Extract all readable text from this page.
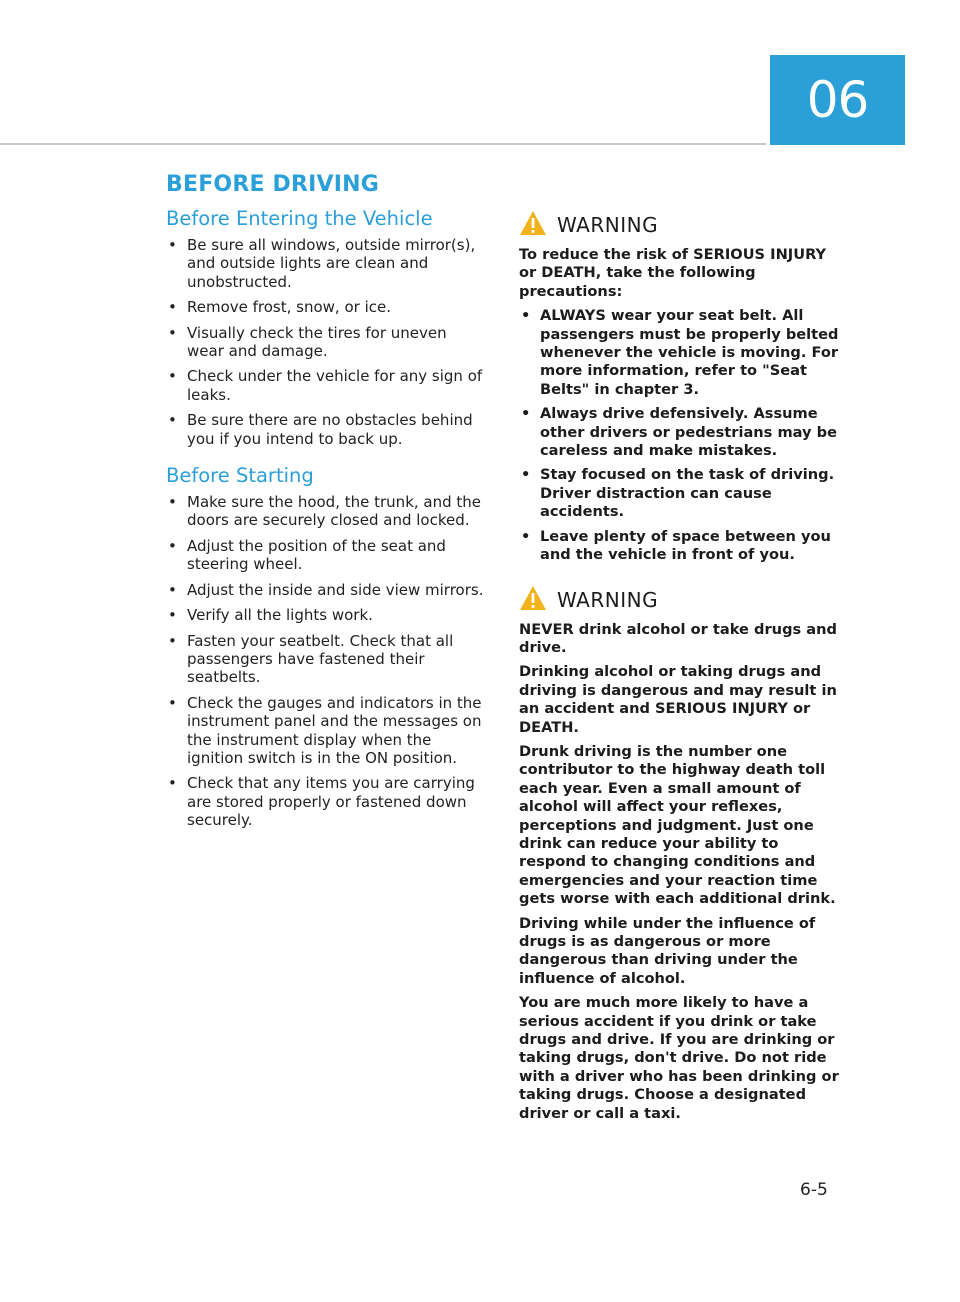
06
BEFORE DRIVING
Before Entering the Vehicle
• Be sure all windows, outside mirror(s), and outside lights are clean and unobstructed.
• Remove frost, snow, or ice.
• Visually check the tires for uneven wear and damage.
• Check under the vehicle for any sign of leaks.
• Be sure there are no obstacles behind you if you intend to back up.
Before Starting
• Make sure the hood, the trunk, and the doors are securely closed and locked.
• Adjust the position of the seat and steering wheel.
• Adjust the inside and side view mirrors.
• Verify all the lights work.
• Fasten your seatbelt. Check that all passengers have fastened their seatbelts.
• Check the gauges and indicators in the instrument panel and the messages on the instrument display when the ignition switch is in the ON position.
• Check that any items you are carrying are stored properly or fastened down securely.
WARNING

To reduce the risk of SERIOUS INJURY or DEATH, take the following precautions:

• ALWAYS wear your seat belt. All passengers must be properly belted whenever the vehicle is moving. For more information, refer to "Seat Belts" in chapter 3.
• Always drive defensively. Assume other drivers or pedestrians may be careless and make mistakes.
• Stay focused on the task of driving. Driver distraction can cause accidents.
• Leave plenty of space between you and the vehicle in front of you.
WARNING

NEVER drink alcohol or take drugs and drive.

Drinking alcohol or taking drugs and driving is dangerous and may result in an accident and SERIOUS INJURY or DEATH.

Drunk driving is the number one contributor to the highway death toll each year. Even a small amount of alcohol will affect your reflexes, perceptions and judgment. Just one drink can reduce your ability to respond to changing conditions and emergencies and your reaction time gets worse with each additional drink.

Driving while under the influence of drugs is as dangerous or more dangerous than driving under the influence of alcohol.

You are much more likely to have a serious accident if you drink or take drugs and drive. If you are drinking or taking drugs, don't drive. Do not ride with a driver who has been drinking or taking drugs. Choose a designated driver or call a taxi.

6-5
